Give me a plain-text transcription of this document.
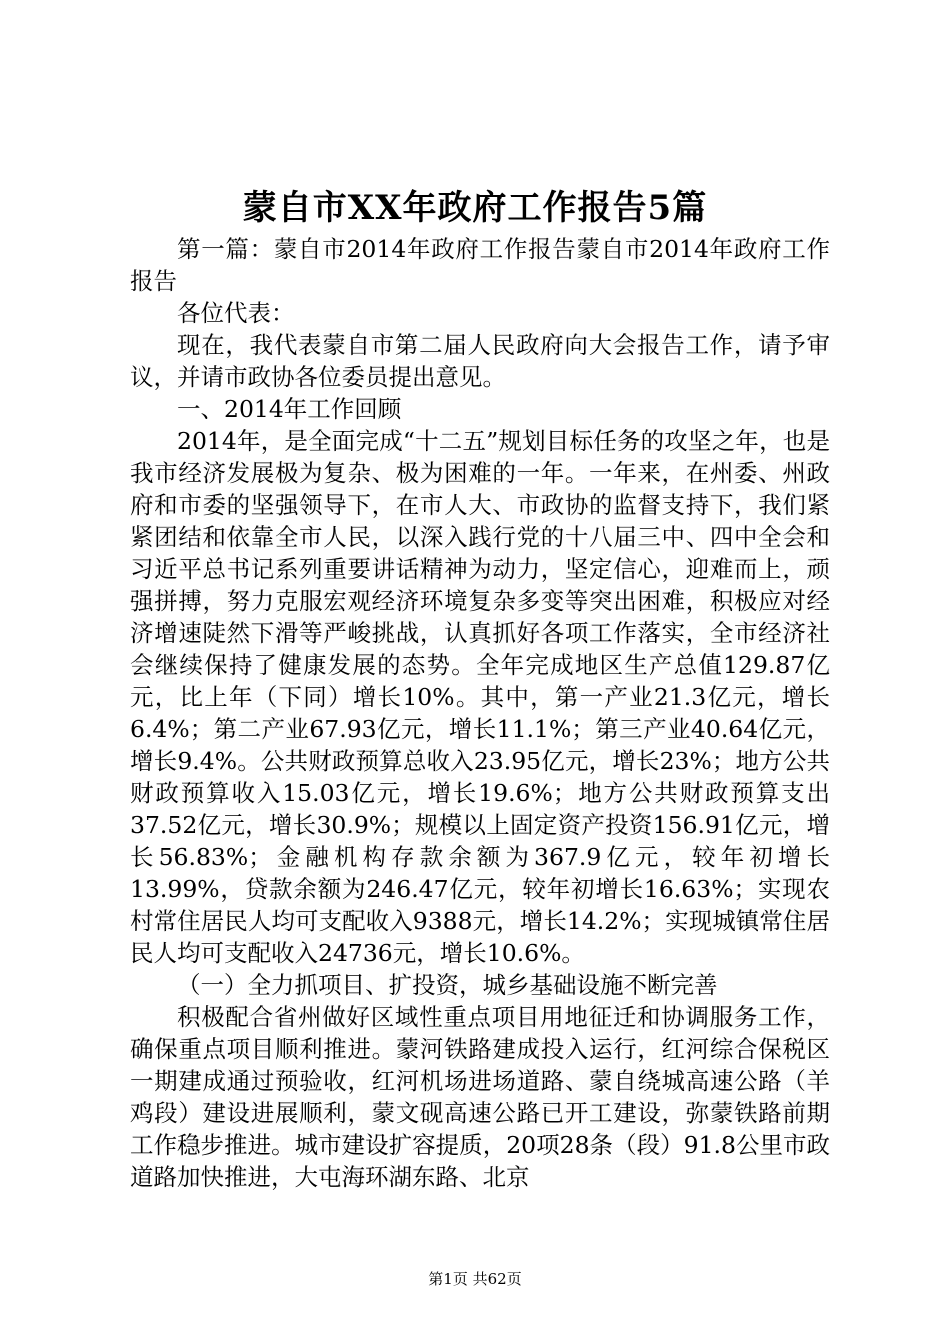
蒙自市XX年政府工作报告5篇

第一篇：蒙自市2014年政府工作报告蒙自市2014年政府工作报告

各位代表：

现在，我代表蒙自市第二届人民政府向大会报告工作，请予审议，并请市政协各位委员提出意见。

一、2014年工作回顾

2014年，是全面完成“十二五”规划目标任务的攻坚之年，也是我市经济发展极为复杂、极为困难的一年。一年来，在州委、州政府和市委的坚强领导下，在市人大、市政协的监督支持下，我们紧紧团结和依靠全市人民，以深入践行党的十八届三中、四中全会和习近平总书记系列重要讲话精神为动力，坚定信心，迎难而上，顽强拼搏，努力克服宏观经济环境复杂多变等突出困难，积极应对经济增速陡然下滑等严峻挑战，认真抓好各项工作落实，全市经济社会继续保持了健康发展的态势。全年完成地区生产总值129.87亿元，比上年（下同）增长10%。其中，第一产业21.3亿元，增长6.4%；第二产业67.93亿元，增长11.1%；第三产业40.64亿元，增长9.4%。公共财政预算总收入23.95亿元，增长23%；地方公共财政预算收入15.03亿元，增长19.6%；地方公共财政预算支出37.52亿元，增长30.9%；规模以上固定资产投资156.91亿元，增长56.83%；金融机构存款余额为367.9亿元，较年初增长13.99%，贷款余额为246.47亿元，较年初增长16.63%；实现农村常住居民人均可支配收入9388元，增长14.2%；实现城镇常住居民人均可支配收入24736元，增长10.6%。

（一）全力抓项目、扩投资，城乡基础设施不断完善

积极配合省州做好区域性重点项目用地征迁和协调服务工作，确保重点项目顺利推进。蒙河铁路建成投入运行，红河综合保税区一期建成通过预验收，红河机场进场道路、蒙自绕城高速公路（羊鸡段）建设进展顺利，蒙文砚高速公路已开工建设，弥蒙铁路前期工作稳步推进。城市建设扩容提质，20项28条（段）91.8公里市政道路加快推进，大屯海环湖东路、北京

第1页 共62页
